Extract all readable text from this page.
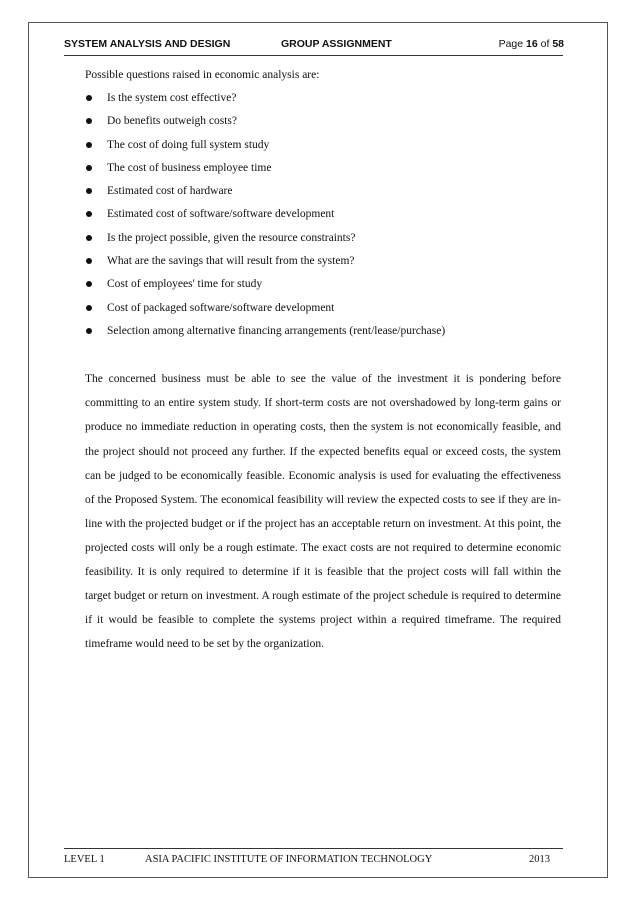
SYSTEM ANALYSIS AND DESIGN	GROUP ASSIGNMENT	Page 16 of 58

Possible questions raised in economic analysis are:

Is the system cost effective?
Do benefits outweigh costs?
The cost of doing full system study
The cost of business employee time
Estimated cost of hardware
Estimated cost of software/software development
Is the project possible, given the resource constraints?
What are the savings that will result from the system?
Cost of employees' time for study
Cost of packaged software/software development
Selection among alternative financing arrangements (rent/lease/purchase)

The concerned business must be able to see the value of the investment it is pondering before committing to an entire system study. If short-term costs are not overshadowed by long-term gains or produce no immediate reduction in operating costs, then the system is not economically feasible, and the project should not proceed any further. If the expected benefits equal or exceed costs, the system can be judged to be economically feasible. Economic analysis is used for evaluating the effectiveness of the Proposed System. The economical feasibility will review the expected costs to see if they are in-line with the projected budget or if the project has an acceptable return on investment. At this point, the projected costs will only be a rough estimate. The exact costs are not required to determine economic feasibility. It is only required to determine if it is feasible that the project costs will fall within the target budget or return on investment. A rough estimate of the project schedule is required to determine if it would be feasible to complete the systems project within a required timeframe. The required timeframe would need to be set by the organization.

LEVEL 1	ASIA PACIFIC INSTITUTE OF INFORMATION TECHNOLOGY	2013
